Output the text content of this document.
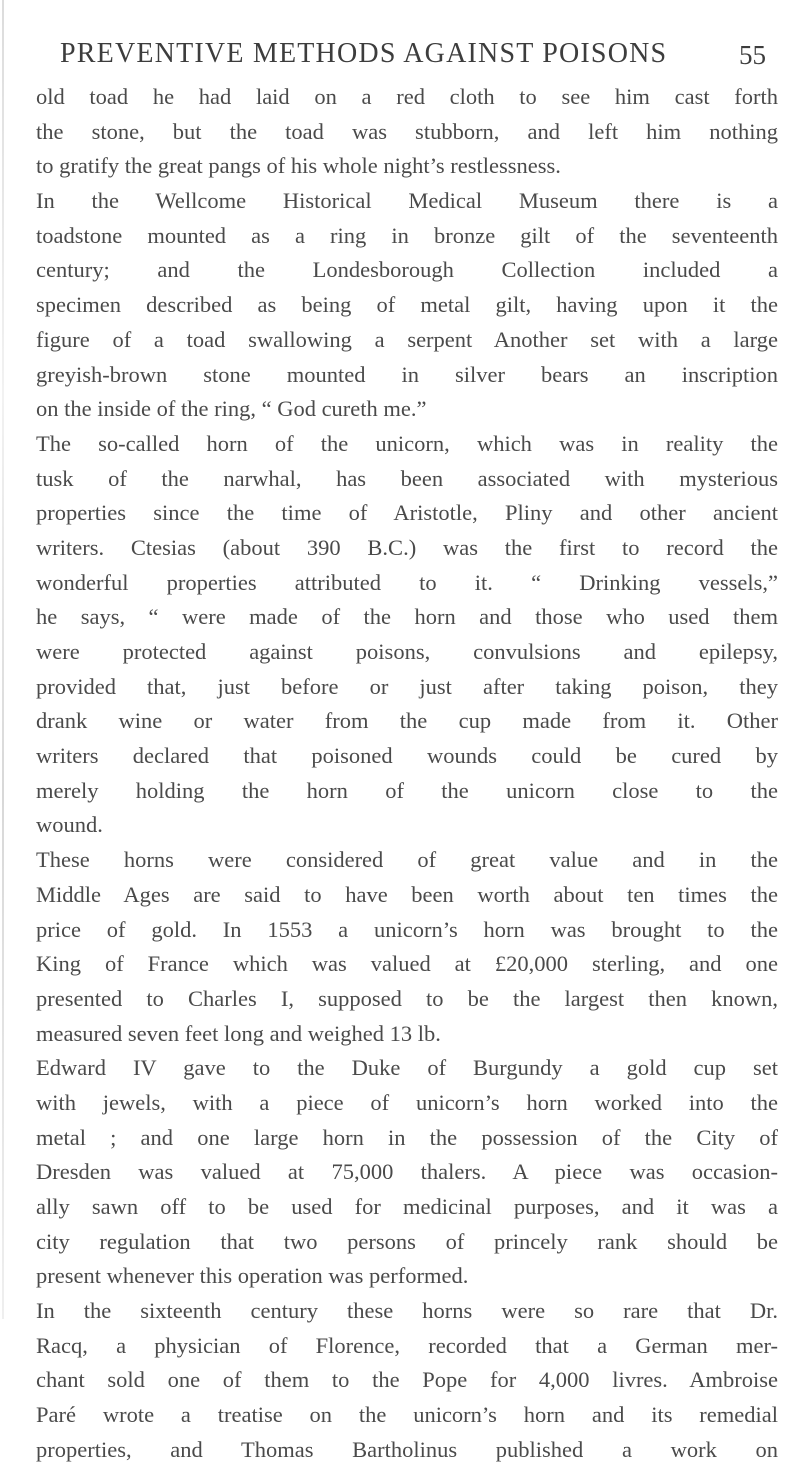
PREVENTIVE METHODS AGAINST POISONS	55
old toad he had laid on a red cloth to see him cast forth
the stone, but the toad was stubborn, and left him nothing
to gratify the great pangs of his whole night’s restlessness.
In the Wellcome Historical Medical Museum there is a
toadstone mounted as a ring in bronze gilt of the seventeenth
century; and the Londesborough Collection included a
specimen described as being of metal gilt, having upon it the
figure of a toad swallowing a serpent Another set with a large
greyish-brown stone mounted in silver bears an inscription
on the inside of the ring, “ God cureth me.”
The so-called horn of the unicorn, which was in reality the
tusk of the narwhal, has been associated with mysterious
properties since the time of Aristotle, Pliny and other ancient
writers. Ctesias (about 390 B.C.) was the first to record the
wonderful properties attributed to it. “ Drinking vessels,”
he says, “ were made of the horn and those who used them
were protected against poisons, convulsions and epilepsy,
provided that, just before or just after taking poison, they
drank wine or water from the cup made from it. Other
writers declared that poisoned wounds could be cured by
merely holding the horn of the unicorn close to the
wound.
These horns were considered of great value and in the
Middle Ages are said to have been worth about ten times the
price of gold. In 1553 a unicorn’s horn was brought to the
King of France which was valued at £20,000 sterling, and one
presented to Charles I, supposed to be the largest then known,
measured seven feet long and weighed 13 lb.
Edward IV gave to the Duke of Burgundy a gold cup set
with jewels, with a piece of unicorn’s horn worked into the
metal ; and one large horn in the possession of the City of
Dresden was valued at 75,000 thalers. A piece was occasion-
ally sawn off to be used for medicinal purposes, and it was a
city regulation that two persons of princely rank should be
present whenever this operation was performed.
In the sixteenth century these horns were so rare that Dr.
Racq, a physician of Florence, recorded that a German mer-
chant sold one of them to the Pope for 4,000 livres. Ambroise
Paré wrote a treatise on the unicorn’s horn and its remedial
properties, and Thomas Bartholinus published a work on
